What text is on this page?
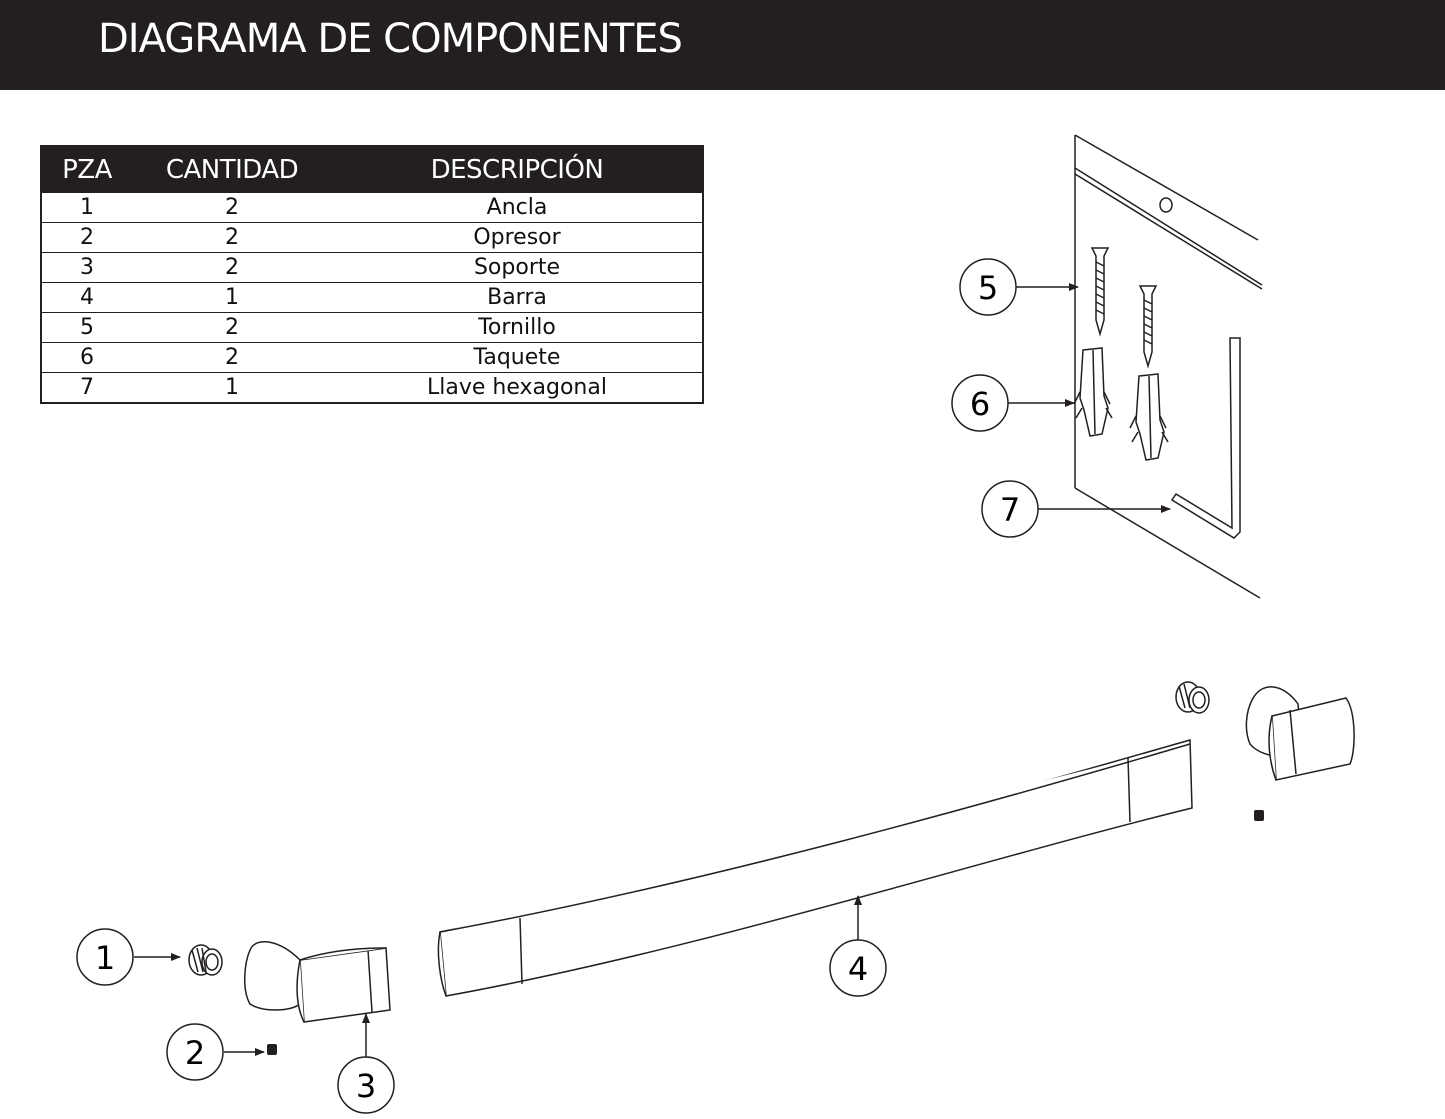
DIAGRAMA DE COMPONENTES
PZA	CANTIDAD	DESCRIPCIÓN
1	2	Ancla
2	2	Opresor
3	2	Soporte
4	1	Barra
5	2	Tornillo
6	2	Taquete
7	1	Llave hexagonal
1
2
3
4
5
6
7
